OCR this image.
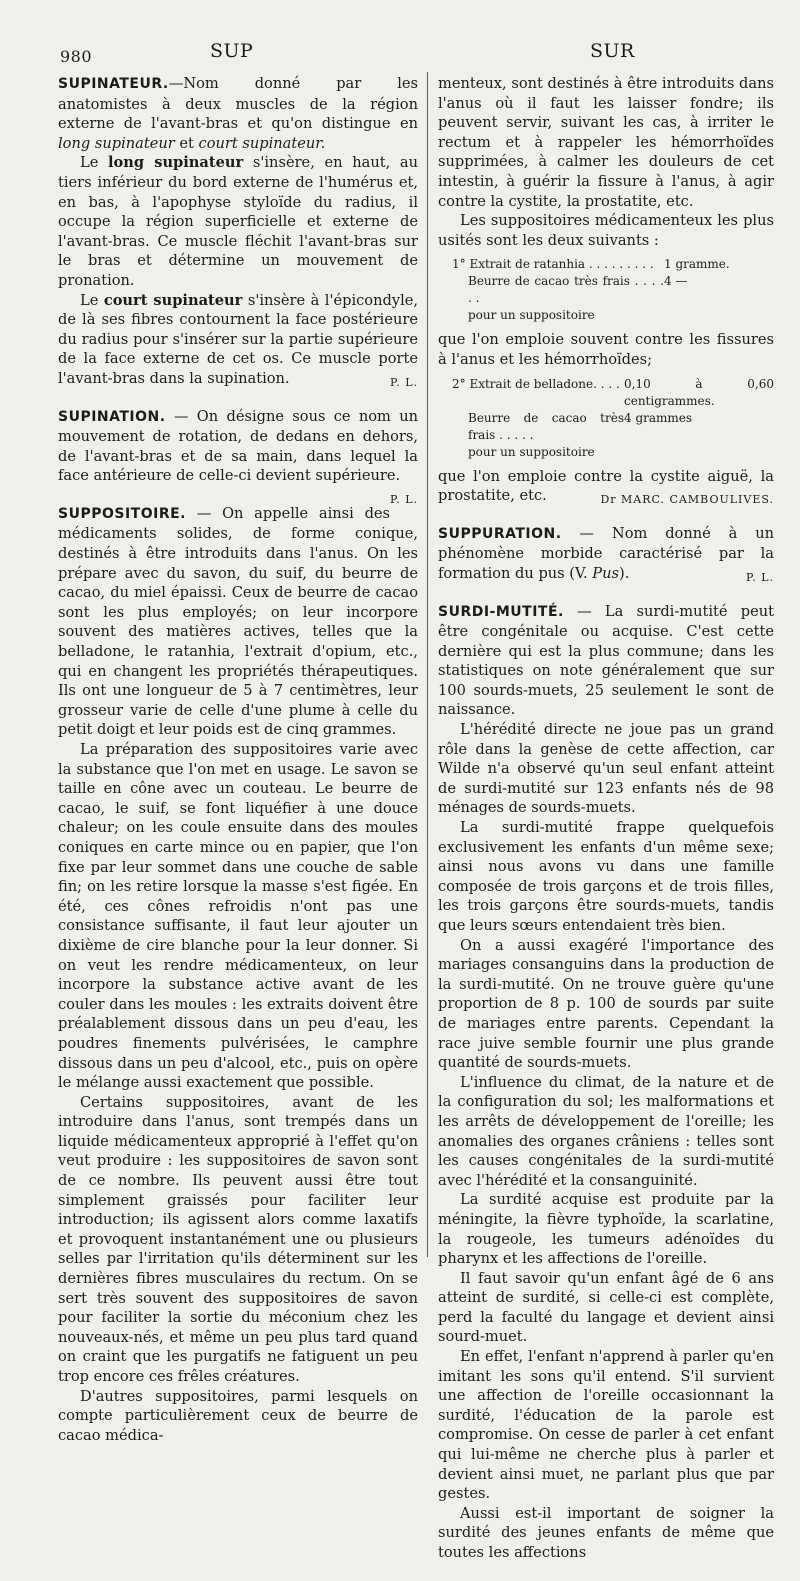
980	SUP	SUR

SUPINATEUR.—Nom donné par les anatomistes à deux muscles de la région externe de l'avant-bras et qu'on distingue en long supinateur et court supinateur.

Le long supinateur s'insère, en haut, au tiers inférieur du bord externe de l'humérus et, en bas, à l'apophyse styloïde du radius, il occupe la région superficielle et externe de l'avant-bras. Ce muscle fléchit l'avant-bras sur le bras et détermine un mouvement de pronation.

Le court supinateur s'insère à l'épicondyle, de là ses fibres contournent la face postérieure du radius pour s'insérer sur la partie supérieure de la face externe de cet os. Ce muscle porte l'avant-bras dans la supination.	P. L.

SUPINATION. — On désigne sous ce nom un mouvement de rotation, de dedans en dehors, de l'avant-bras et de sa main, dans lequel la face antérieure de celle-ci devient supérieure.
P. L.

SUPPOSITOIRE. — On appelle ainsi des médicaments solides, de forme conique, destinés à être introduits dans l'anus. On les prépare avec du savon, du suif, du beurre de cacao, du miel épaissi. Ceux de beurre de cacao sont les plus employés; on leur incorpore souvent des matières actives, telles que la belladone, le ratanhia, l'extrait d'opium, etc., qui en changent les propriétés thérapeutiques. Ils ont une longueur de 5 à 7 centimètres, leur grosseur varie de celle d'une plume à celle du petit doigt et leur poids est de cinq grammes.

La préparation des suppositoires varie avec la substance que l'on met en usage. Le savon se taille en cône avec un couteau. Le beurre de cacao, le suif, se font liquéfier à une douce chaleur; on les coule ensuite dans des moules coniques en carte mince ou en papier, que l'on fixe par leur sommet dans une couche de sable fin; on les retire lorsque la masse s'est figée. En été, ces cônes refroidis n'ont pas une consistance suffisante, il faut leur ajouter un dixième de cire blanche pour la leur donner. Si on veut les rendre médicamenteux, on leur incorpore la substance active avant de les couler dans les moules : les extraits doivent être préalablement dissous dans un peu d'eau, les poudres finements pulvérisées, le camphre dissous dans un peu d'alcool, etc., puis on opère le mélange aussi exactement que possible.

Certains suppositoires, avant de les introduire dans l'anus, sont trempés dans un liquide médicamenteux approprié à l'effet qu'on veut produire : les suppositoires de savon sont de ce nombre. Ils peuvent aussi être tout simplement graissés pour faciliter leur introduction; ils agissent alors comme laxatifs et provoquent instantanément une ou plusieurs selles par l'irritation qu'ils déterminent sur les dernières fibres musculaires du rectum. On se sert très souvent des suppositoires de savon pour faciliter la sortie du méconium chez les nouveaux-nés, et même un peu plus tard quand on craint que les purgatifs ne fatiguent un peu trop encore ces frêles créatures.

D'autres suppositoires, parmi lesquels on compte particulièrement ceux de beurre de cacao médica-

menteux, sont destinés à être introduits dans l'anus où il faut les laisser fondre; ils peuvent servir, suivant les cas, à irriter le rectum et à rappeler les hémorrhoïdes supprimées, à calmer les douleurs de cet intestin, à guérir la fissure à l'anus, à agir contre la cystite, la prostatite, etc.

Les suppositoires médicamenteux les plus usités sont les deux suivants :

1° Extrait de ratanhia . . . . . . . . . 1 gramme.
Beurre de cacao très frais . . . . . .
4 —
pour un suppositoire

que l'on emploie souvent contre les fissures à l'anus et les hémorrhoïdes;

2° Extrait de belladone. . . . 0,10 à 0,60 centigrammes.
Beurre de cacao très frais . . . . .
4 grammes
pour un suppositoire

que l'on emploie contre la cystite aiguë, la prostatite, etc.	Dr MARC. CAMBOULIVES.

SUPPURATION. — Nom donné à un phénomène morbide caractérisé par la formation du pus (V. Pus).	P. L.

SURDI-MUTITÉ. — La surdi-mutité peut être congénitale ou acquise. C'est cette dernière qui est la plus commune; dans les statistiques on note généralement que sur 100 sourds-muets, 25 seulement le sont de naissance.

L'hérédité directe ne joue pas un grand rôle dans la genèse de cette affection, car Wilde n'a observé qu'un seul enfant atteint de surdi-mutité sur 123 enfants nés de 98 ménages de sourds-muets.

La surdi-mutité frappe quelquefois exclusivement les enfants d'un même sexe; ainsi nous avons vu dans une famille composée de trois garçons et de trois filles, les trois garçons être sourds-muets, tandis que leurs sœurs entendaient très bien.

On a aussi exagéré l'importance des mariages consanguins dans la production de la surdi-mutité. On ne trouve guère qu'une proportion de 8 p. 100 de sourds par suite de mariages entre parents. Cependant la race juive semble fournir une plus grande quantité de sourds-muets.

L'influence du climat, de la nature et de la configuration du sol; les malformations et les arrêts de développement de l'oreille; les anomalies des organes crâniens : telles sont les causes congénitales de la surdi-mutité avec l'hérédité et la consanguinité.

La surdité acquise est produite par la méningite, la fièvre typhoïde, la scarlatine, la rougeole, les tumeurs adénoïdes du pharynx et les affections de l'oreille.

Il faut savoir qu'un enfant âgé de 6 ans atteint de surdité, si celle-ci est complète, perd la faculté du langage et devient ainsi sourd-muet.

En effet, l'enfant n'apprend à parler qu'en imitant les sons qu'il entend. S'il survient une affection de l'oreille occasionnant la surdité, l'éducation de la parole est compromise. On cesse de parler à cet enfant qui lui-même ne cherche plus à parler et devient ainsi muet, ne parlant plus que par gestes.

Aussi est-il important de soigner la surdité des jeunes enfants de même que toutes les affections
